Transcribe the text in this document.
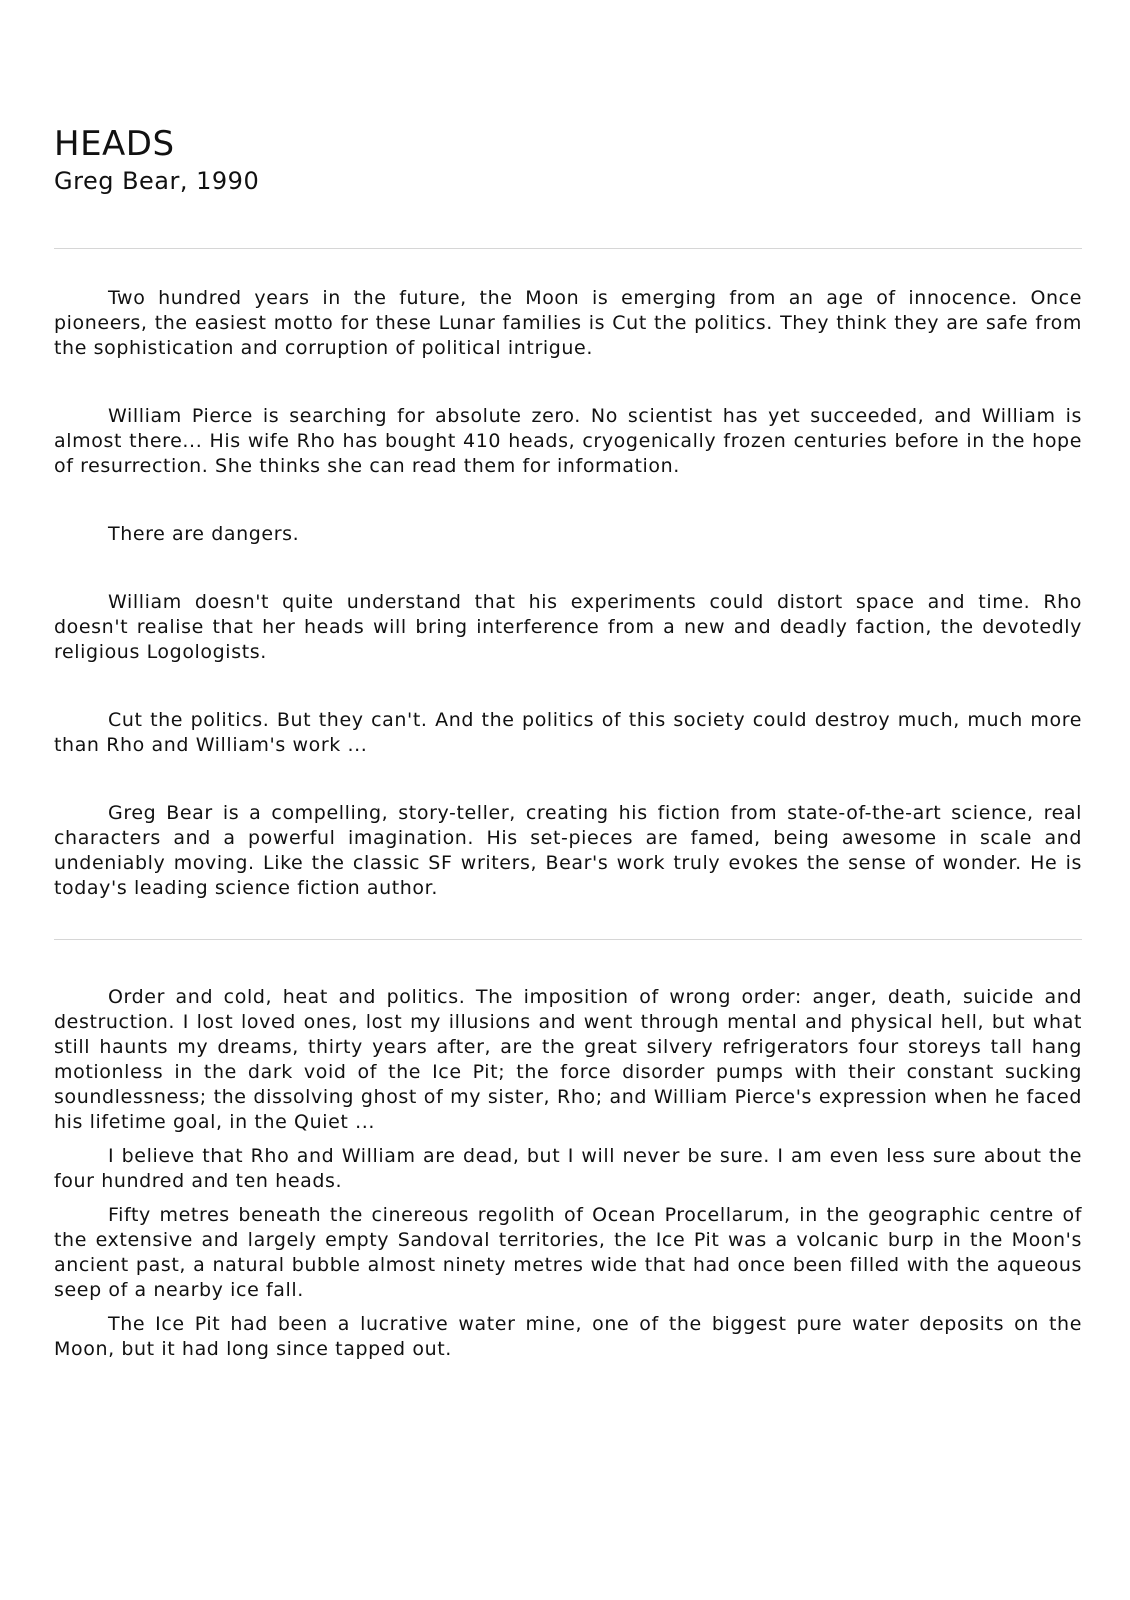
HEADS
Greg Bear, 1990

Two hundred years in the future, the Moon is emerging from an age of innocence. Once pioneers, the easiest motto for these Lunar families is Cut the politics. They think they are safe from the sophistication and corruption of political intrigue.

William Pierce is searching for absolute zero. No scientist has yet succeeded, and William is almost there... His wife Rho has bought 410 heads, cryogenically frozen centuries before in the hope of resurrection. She thinks she can read them for information.

There are dangers.

William doesn't quite understand that his experiments could distort space and time. Rho doesn't realise that her heads will bring interference from a new and deadly faction, the devotedly religious Logologists.

Cut the politics. But they can't. And the politics of this society could destroy much, much more than Rho and William's work ...

Greg Bear is a compelling, story-teller, creating his fiction from state-of-the-art science, real characters and a powerful imagination. His set-pieces are famed, being awesome in scale and undeniably moving. Like the classic SF writers, Bear's work truly evokes the sense of wonder. He is today's leading science fiction author.

Order and cold, heat and politics. The imposition of wrong order: anger, death, suicide and destruction. I lost loved ones, lost my illusions and went through mental and physical hell, but what still haunts my dreams, thirty years after, are the great silvery refrigerators four storeys tall hang motionless in the dark void of the Ice Pit; the force disorder pumps with their constant sucking soundlessness; the dissolving ghost of my sister, Rho; and William Pierce's expression when he faced his lifetime goal, in the Quiet ...

I believe that Rho and William are dead, but I will never be sure. I am even less sure about the four hundred and ten heads.

Fifty metres beneath the cinereous regolith of Ocean Procellarum, in the geographic centre of the extensive and largely empty Sandoval territories, the Ice Pit was a volcanic burp in the Moon's ancient past, a natural bubble almost ninety metres wide that had once been filled with the aqueous seep of a nearby ice fall.

The Ice Pit had been a lucrative water mine, one of the biggest pure water deposits on the Moon, but it had long since tapped out.
